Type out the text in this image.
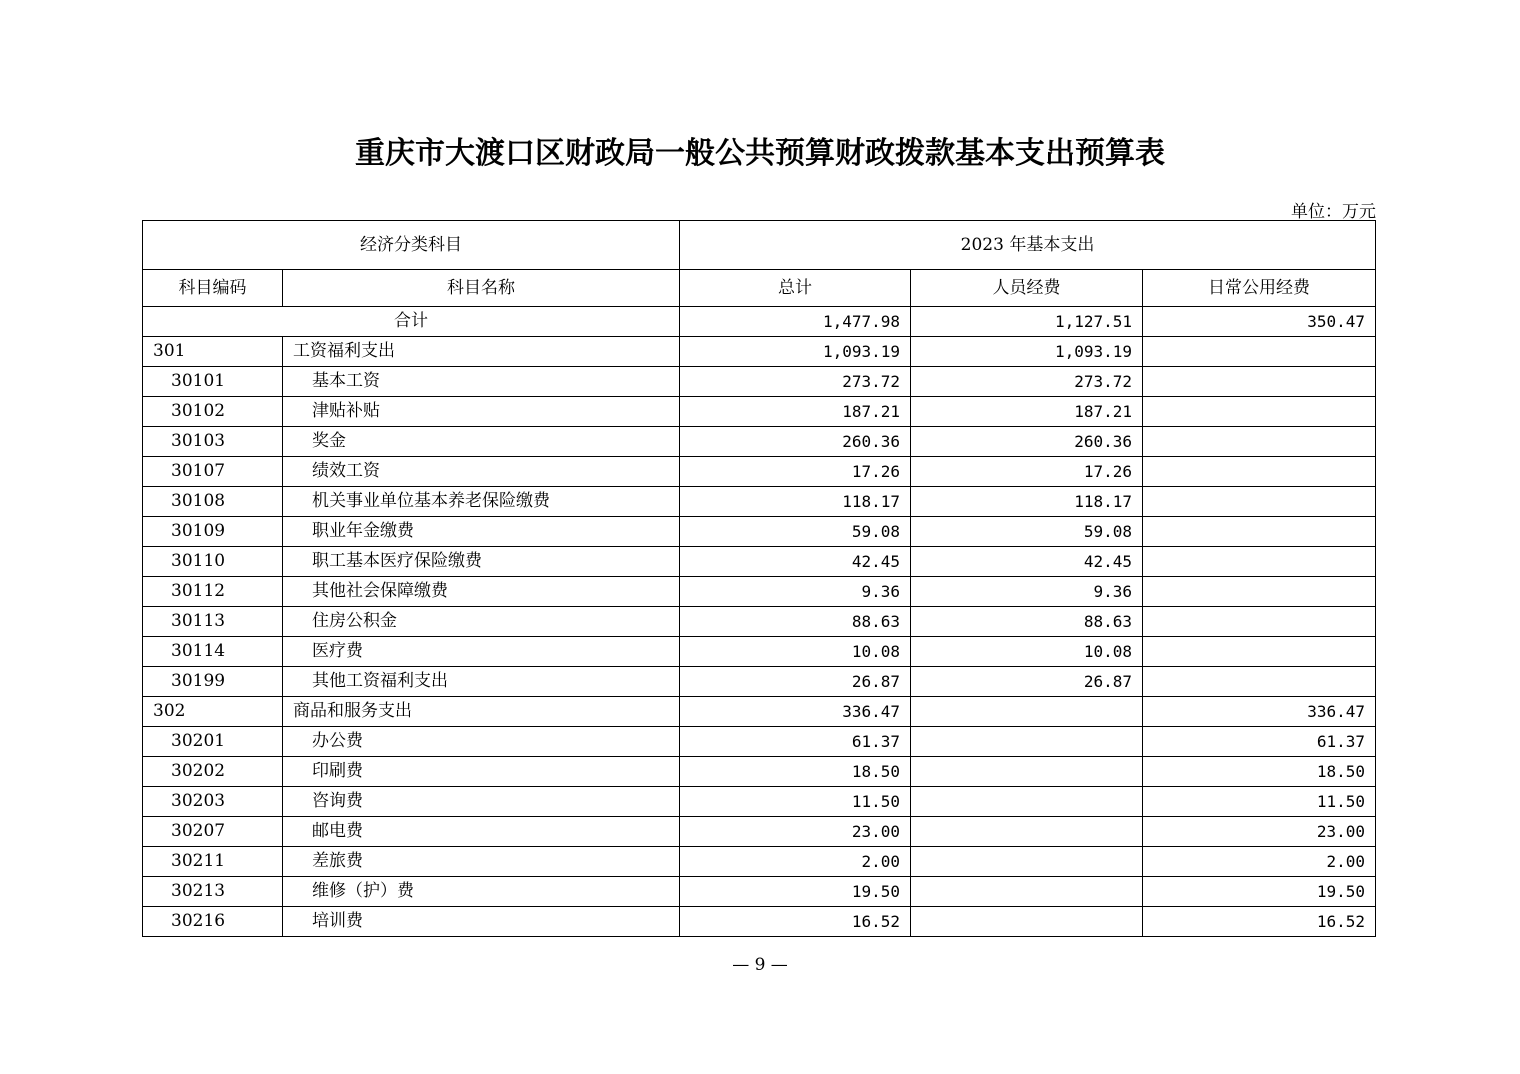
重庆市大渡口区财政局一般公共预算财政拨款基本支出预算表
单位：万元
经济分类科目		2023 年基本支出		
科目编码	科目名称	总计	人员经费	日常公用经费
合计		1,477.98	1,127.51	350.47
301	工资福利支出	1,093.19	1,093.19	
30101	基本工资	273.72	273.72	
30102	津贴补贴	187.21	187.21	
30103	奖金	260.36	260.36	
30107	绩效工资	17.26	17.26	
30108	机关事业单位基本养老保险缴费	118.17	118.17	
30109	职业年金缴费	59.08	59.08	
30110	职工基本医疗保险缴费	42.45	42.45	
30112	其他社会保障缴费	9.36	9.36	
30113	住房公积金	88.63	88.63	
30114	医疗费	10.08	10.08	
30199	其他工资福利支出	26.87	26.87	
302	商品和服务支出	336.47		336.47
30201	办公费	61.37		61.37
30202	印刷费	18.50		18.50
30203	咨询费	11.50		11.50
30207	邮电费	23.00		23.00
30211	差旅费	2.00		2.00
30213	维修（护）费	19.50		19.50
30216	培训费	16.52		16.52
— 9 —
